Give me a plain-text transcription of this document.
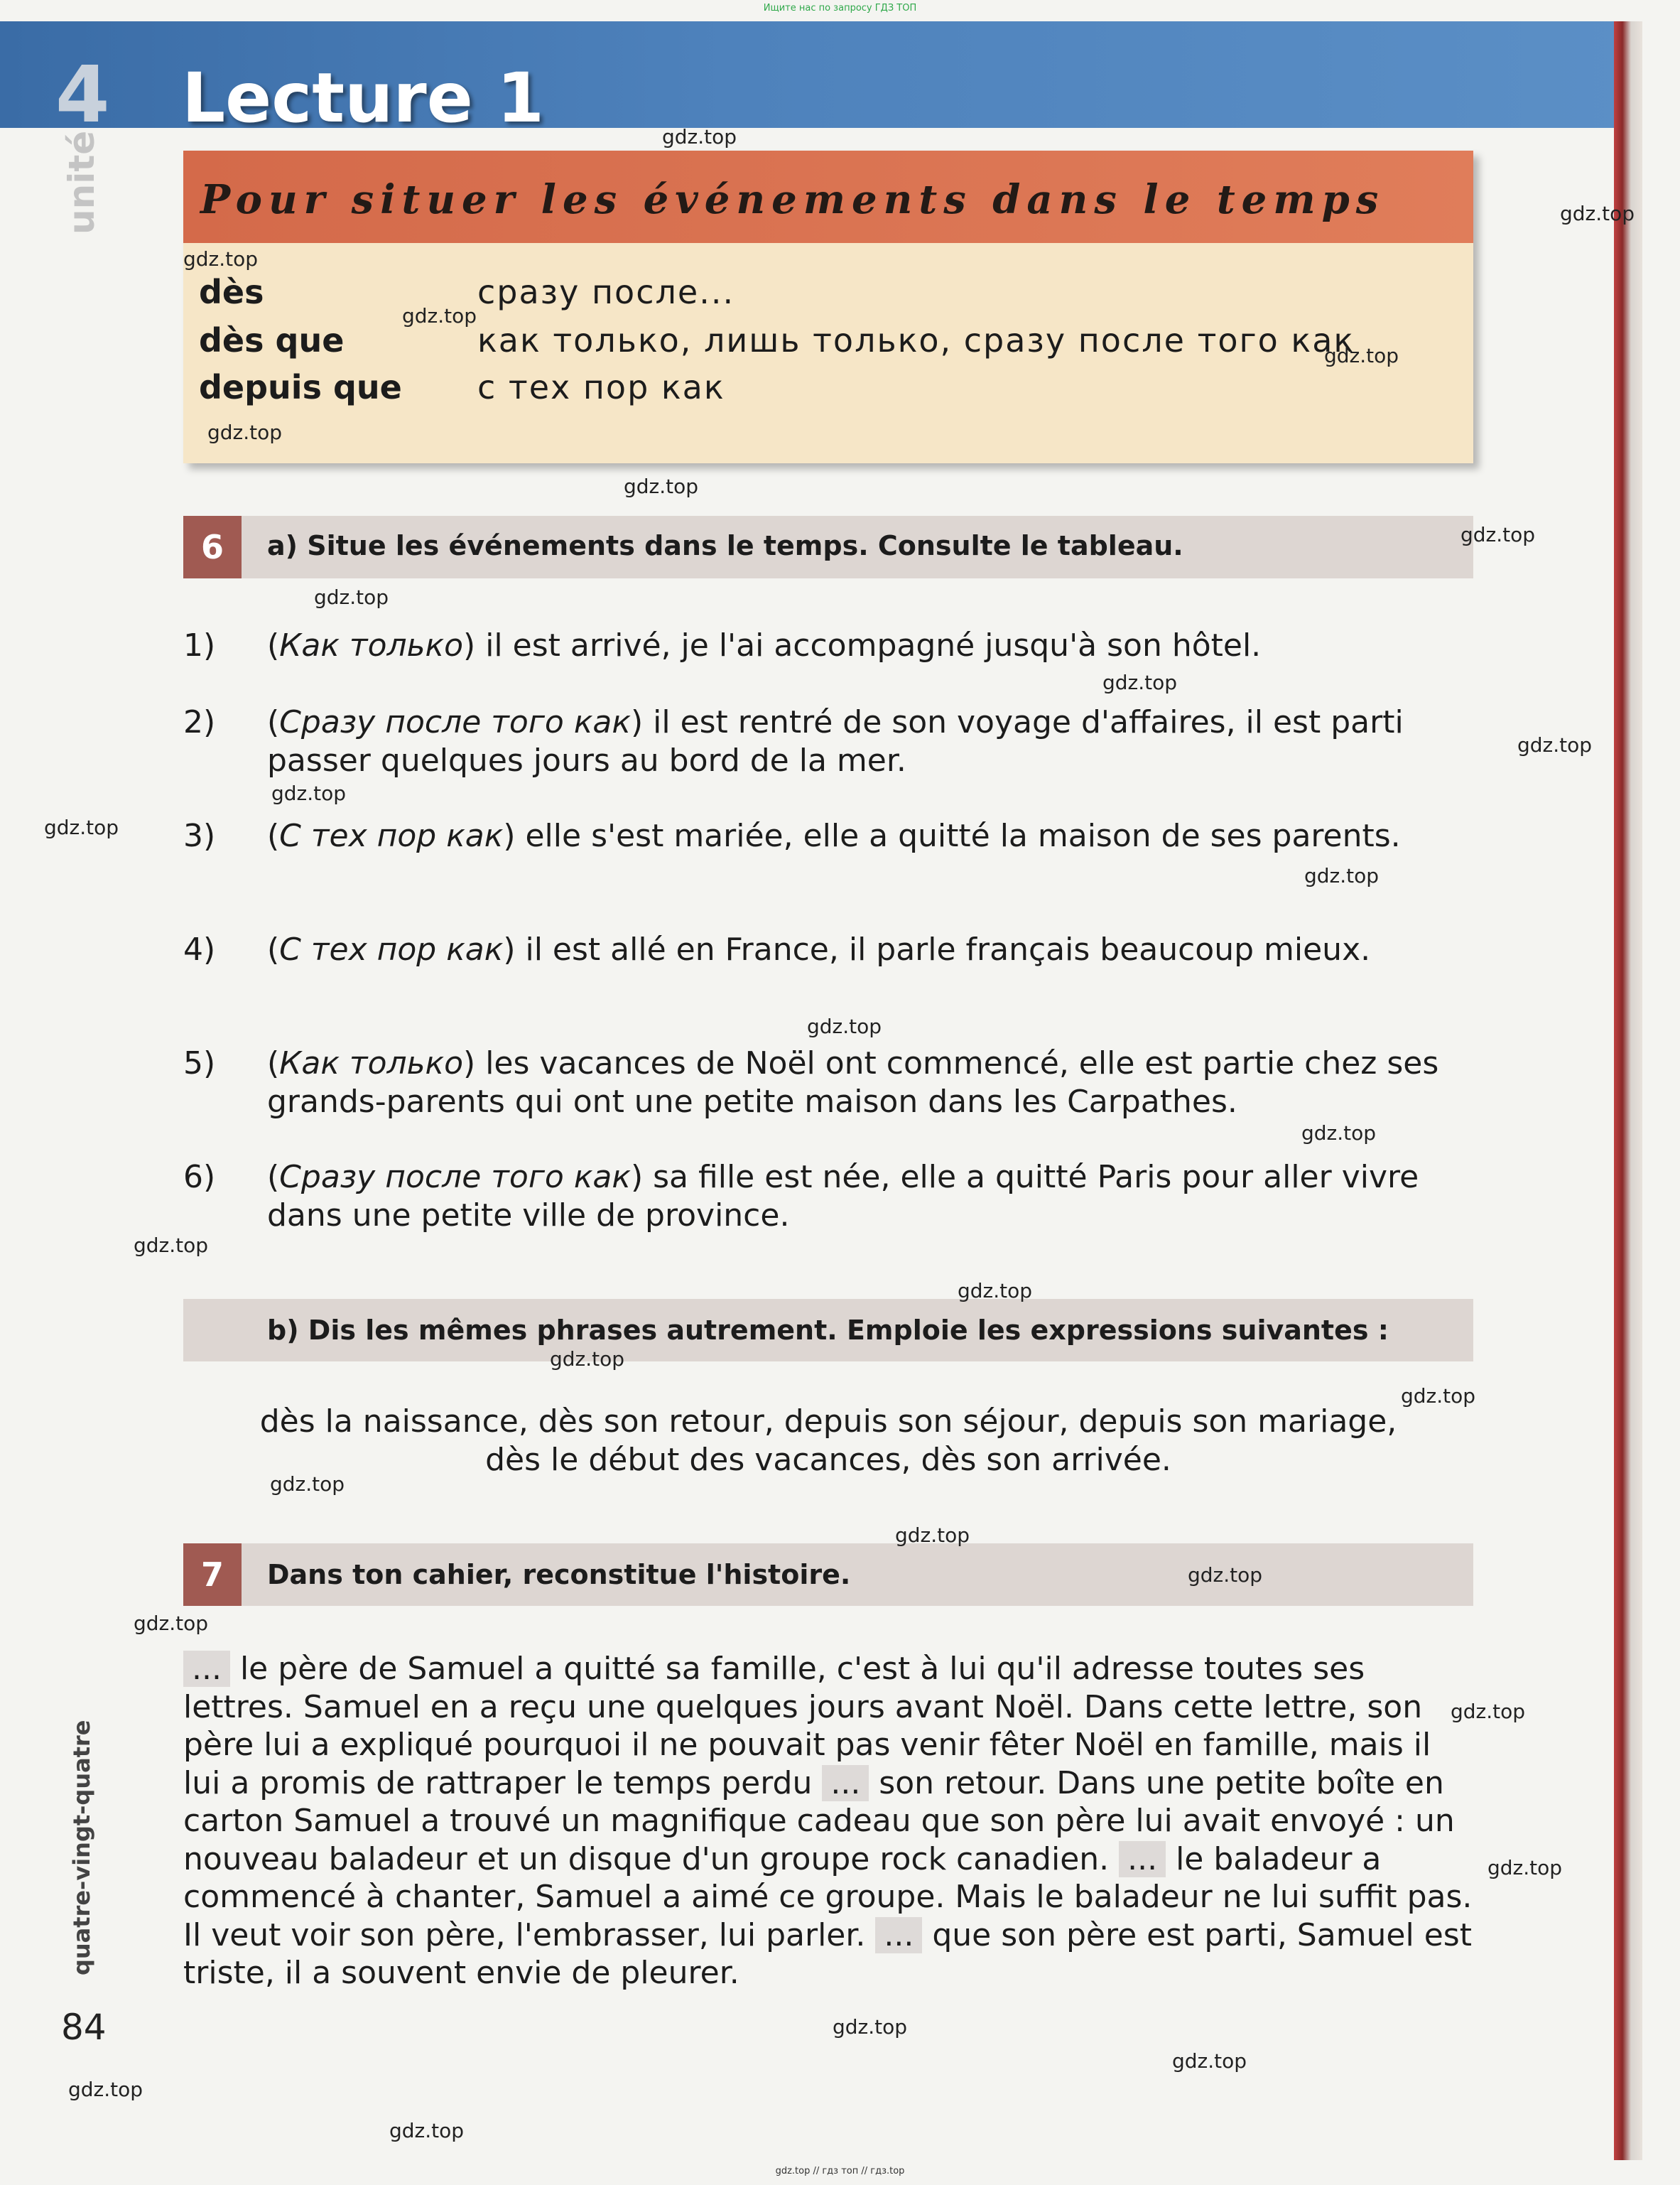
Ищите нас по запросу ГДЗ ТОП
4
unité
Lecture 1
Pour situer les événements dans le temps
dès	сразу после...
dès que	как только, лишь только, сразу после того как
depuis que с тех пор как
6	a) Situe les événements dans le temps. Consulte le tableau.
1) (Как только) il est arrivé, je l'ai accompagné jusqu'à son hôtel.
2) (Сразу после того как) il est rentré de son voyage d'affaires, il est parti passer quelques jours au bord de la mer.
3) (С тех пор как) elle s'est mariée, elle a quitté la maison de ses parents.
4) (С тех пор как) il est allé en France, il parle français beaucoup mieux.
5) (Как только) les vacances de Noël ont commencé, elle est partie chez ses grands-parents qui ont une petite maison dans les Carpathes.
6) (Сразу после того как) sa fille est née, elle a quitté Paris pour aller vivre dans une petite ville de province.
b) Dis les mêmes phrases autrement. Emploie les expressions suivantes :
dès la naissance, dès son retour, depuis son séjour, depuis son mariage,
dès le début des vacances, dès son arrivée.
7	Dans ton cahier, reconstitue l'histoire.
... le père de Samuel a quitté sa famille, c'est à lui qu'il adresse toutes ses lettres. Samuel en a reçu une quelques jours avant Noël. Dans cette lettre, son père lui a expliqué pourquoi il ne pouvait pas venir fêter Noël en famille, mais il lui a promis de rattraper le temps perdu ... son retour. Dans une petite boîte en carton Samuel a trouvé un magnifique cadeau que son père lui avait envoyé : un nouveau baladeur et un disque d'un groupe rock canadien. ... le baladeur a commencé à chanter, Samuel a aimé ce groupe. Mais le baladeur ne lui suffit pas. Il veut voir son père, l'embrasser, lui parler. ... que son père est parti, Samuel est triste, il a souvent envie de pleurer.
quatre-vingt-quatre
84
gdz.top
gdz.top
gdz.top
gdz.top
gdz.top
gdz.top
gdz.top
gdz.top
gdz.top
gdz.top
gdz.top
gdz.top
gdz.top
gdz.top
gdz.top
gdz.top
gdz.top
gdz.top
gdz.top
gdz.top
gdz.top
gdz.top
gdz.top
gdz.top
gdz.top
gdz.top
gdz.top
gdz.top
gdz.top
gdz.top
gdz.top // гдз топ // гдз.top
